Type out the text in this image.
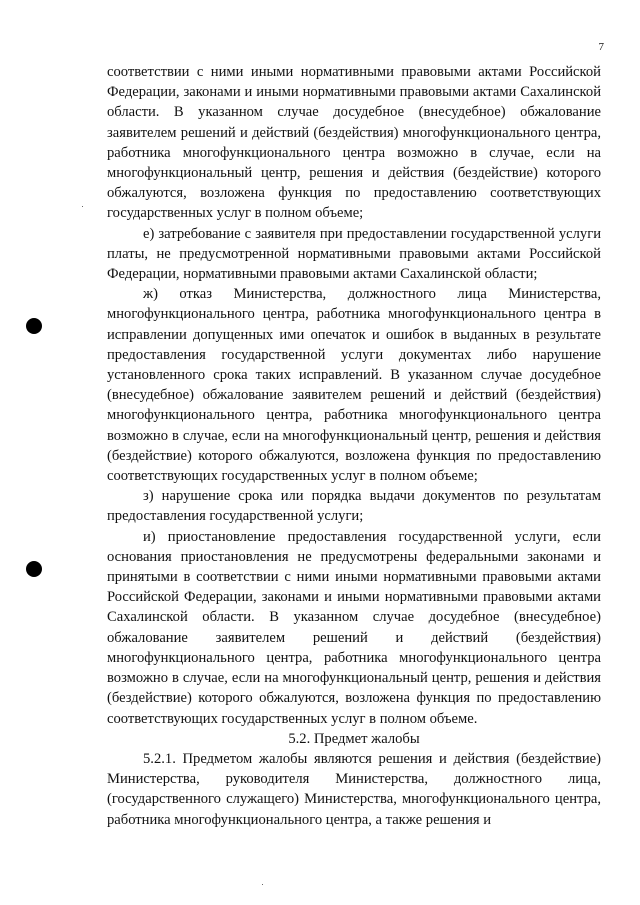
7

соответствии с ними иными нормативными правовыми актами Российской Федерации, законами и иными нормативными правовыми актами Сахалинской области. В указанном случае досудебное (внесудебное) обжалование заявителем решений и действий (бездействия) многофункционального центра, работника многофункционального центра возможно в случае, если на многофункциональный центр, решения и действия (бездействие) которого обжалуются, возложена функция по предоставлению соответствующих государственных услуг в полном объеме;

е) затребование с заявителя при предоставлении государственной услуги платы, не предусмотренной нормативными правовыми актами Российской Федерации, нормативными правовыми актами Сахалинской области;

ж) отказ Министерства, должностного лица Министерства, многофункционального центра, работника многофункционального центра в исправлении допущенных ими опечаток и ошибок в выданных в результате предоставления государственной услуги документах либо нарушение установленного срока таких исправлений. В указанном случае досудебное (внесудебное) обжалование заявителем решений и действий (бездействия) многофункционального центра, работника многофункционального центра возможно в случае, если на многофункциональный центр, решения и действия (бездействие) которого обжалуются, возложена функция по предоставлению соответствующих государственных услуг в полном объеме;

з) нарушение срока или порядка выдачи документов по результатам предоставления государственной услуги;

и) приостановление предоставления государственной услуги, если основания приостановления не предусмотрены федеральными законами и принятыми в соответствии с ними иными нормативными правовыми актами Российской Федерации, законами и иными нормативными правовыми актами Сахалинской области. В указанном случае досудебное (внесудебное) обжалование заявителем решений и действий (бездействия) многофункционального центра, работника многофункционального центра возможно в случае, если на многофункциональный центр, решения и действия (бездействие) которого обжалуются, возложена функция по предоставлению соответствующих государственных услуг в полном объеме.

5.2. Предмет жалобы

5.2.1. Предметом жалобы являются решения и действия (бездействие) Министерства, руководителя Министерства, должностного лица, (государственного служащего) Министерства, многофункционального центра, работника многофункционального центра, а также решения и
